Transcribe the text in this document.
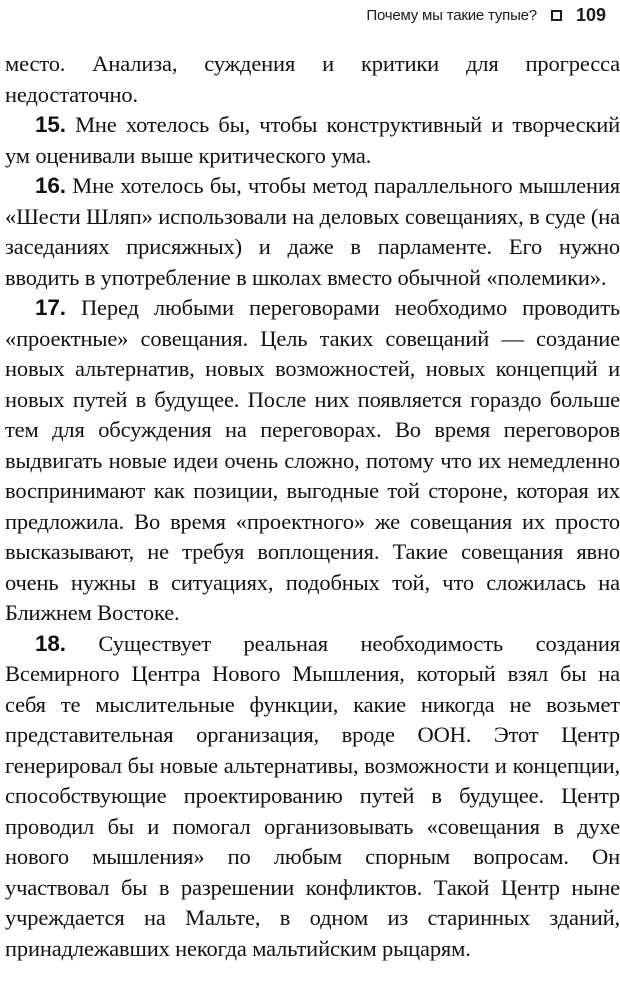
Почему мы такие тупые? 109

место. Анализа, суждения и критики для прогресса недостаточно.

15. Мне хотелось бы, чтобы конструктивный и творческий ум оценивали выше критического ума.

16. Мне хотелось бы, чтобы метод параллельного мышления «Шести Шляп» использовали на деловых совещаниях, в суде (на заседаниях присяжных) и даже в парламенте. Его нужно вводить в употребление в школах вместо обычной «полемики».

17. Перед любыми переговорами необходимо проводить «проектные» совещания. Цель таких совещаний — создание новых альтернатив, новых возможностей, новых концепций и новых путей в будущее. После них появляется гораздо больше тем для обсуждения на переговорах. Во время переговоров выдвигать новые идеи очень сложно, потому что их немедленно воспринимают как позиции, выгодные той стороне, которая их предложила. Во время «проектного» же совещания их просто высказывают, не требуя воплощения. Такие совещания явно очень нужны в ситуациях, подобных той, что сложилась на Ближнем Востоке.

18. Существует реальная необходимость создания Всемирного Центра Нового Мышления, который взял бы на себя те мыслительные функции, какие никогда не возьмет представительная организация, вроде ООН. Этот Центр генерировал бы новые альтернативы, возможности и концепции, способствующие проектированию путей в будущее. Центр проводил бы и помогал организовывать «совещания в духе нового мышления» по любым спорным вопросам. Он участвовал бы в разрешении конфликтов. Такой Центр ныне учреждается на Мальте, в одном из старинных зданий, принадлежавших некогда мальтийским рыцарям.
